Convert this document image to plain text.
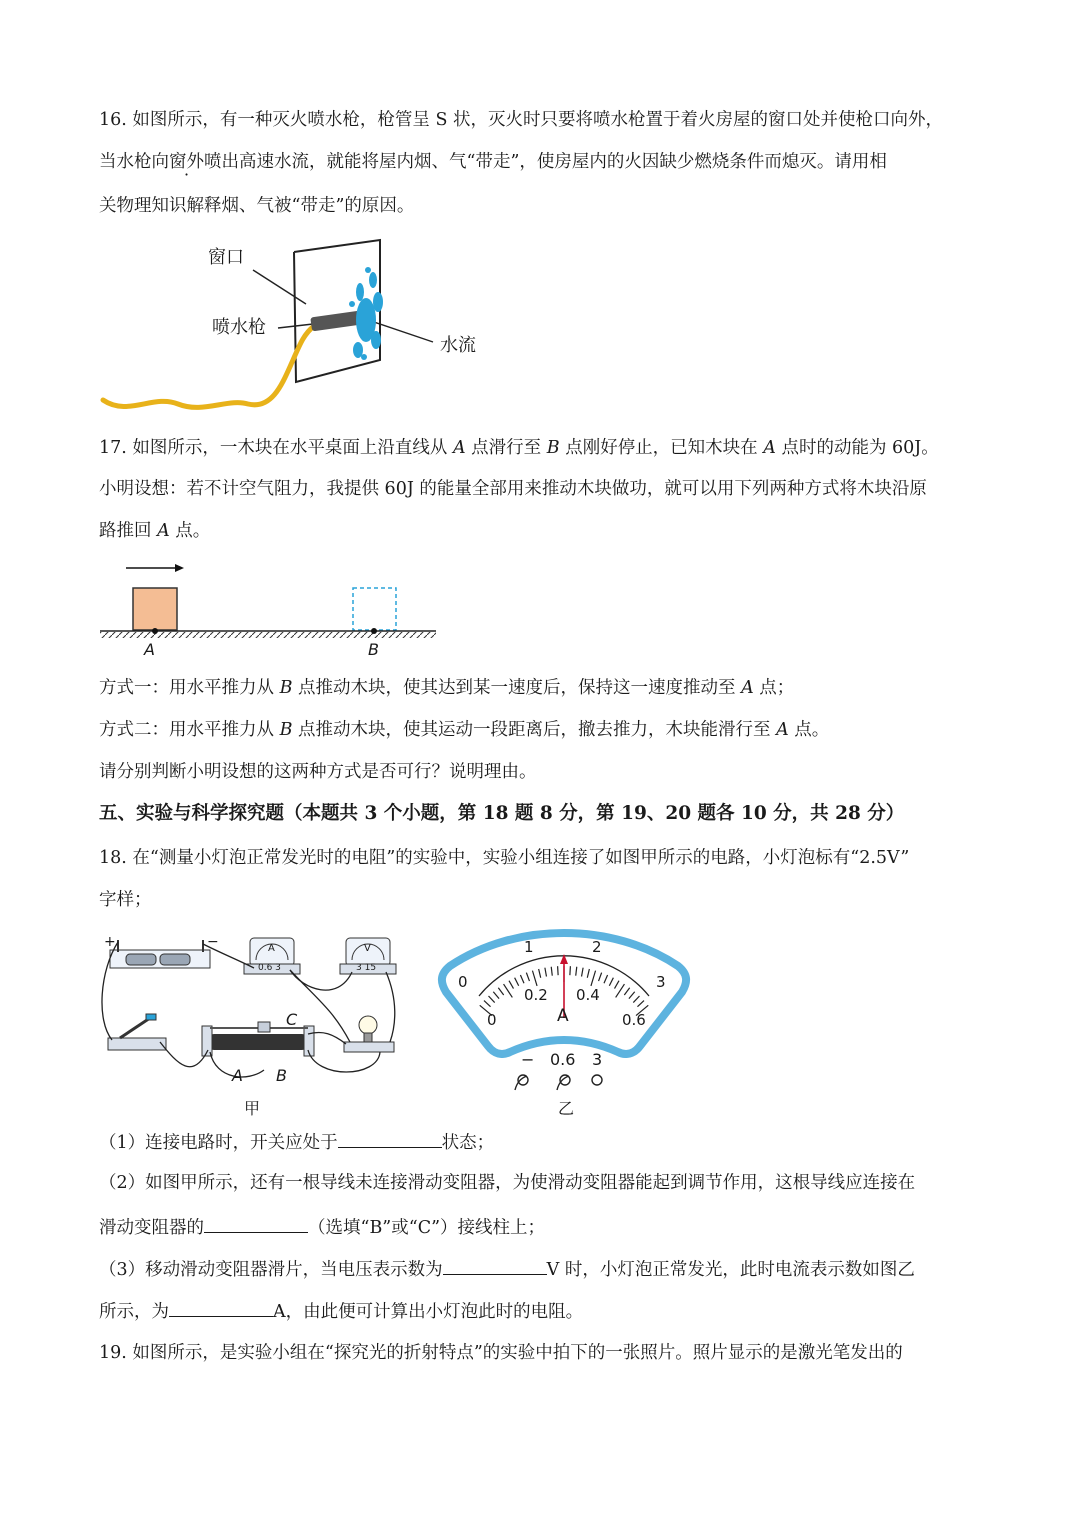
16. 如图所示，有一种灭火喷水枪，枪管呈 S 状，灭火时只要将喷水枪置于着火房屋的窗口处并使枪口向外，
当水枪向窗外喷出高速水流，就能将屋内烟、气“带走”，使房屋内的火因缺少燃烧条件而熄灭。请用相
关物理知识解释烟、气被“带走”的原因。
窗口
喷水枪
水流
17. 如图所示，一木块在水平桌面上沿直线从 A 点滑行至 B 点刚好停止，已知木块在 A 点时的动能为 60J。
小明设想：若不计空气阻力，我提供 60J 的能量全部用来推动木块做功，就可以用下列两种方式将木块沿原
路推回 A 点。
A	B
方式一：用水平推力从 B 点推动木块，使其达到某一速度后，保持这一速度推动至 A 点；
方式二：用水平推力从 B 点推动木块，使其运动一段距离后，撤去推力，木块能滑行至 A 点。
请分别判断小明设想的这两种方式是否可行？说明理由。
五、实验与科学探究题（本题共 3 个小题，第 18 题 8 分，第 19、20 题各 10 分，共 28 分）
18. 在“测量小灯泡正常发光时的电阻”的实验中，实验小组连接了如图甲所示的电路，小灯泡标有“2.5V”
字样；
+	−	A
0.6 3
V
3 15
C
A B
甲
0
1	2
3
0
0.2 0.4
0.6
A
− 0.6 3
乙
（1）连接电路时，开关应处于	状态；
（2）如图甲所示，还有一根导线未连接滑动变阻器，为使滑动变阻器能起到调节作用，这根导线应连接在
滑动变阻器的	（选填“B”或“C”）接线柱上；
（3）移动滑动变阻器滑片，当电压表示数为	V 时，小灯泡正常发光，此时电流表示数如图乙
所示，为	A，由此便可计算出小灯泡此时的电阻。
19. 如图所示，是实验小组在“探究光的折射特点”的实验中拍下的一张照片。照片显示的是激光笔发出的
